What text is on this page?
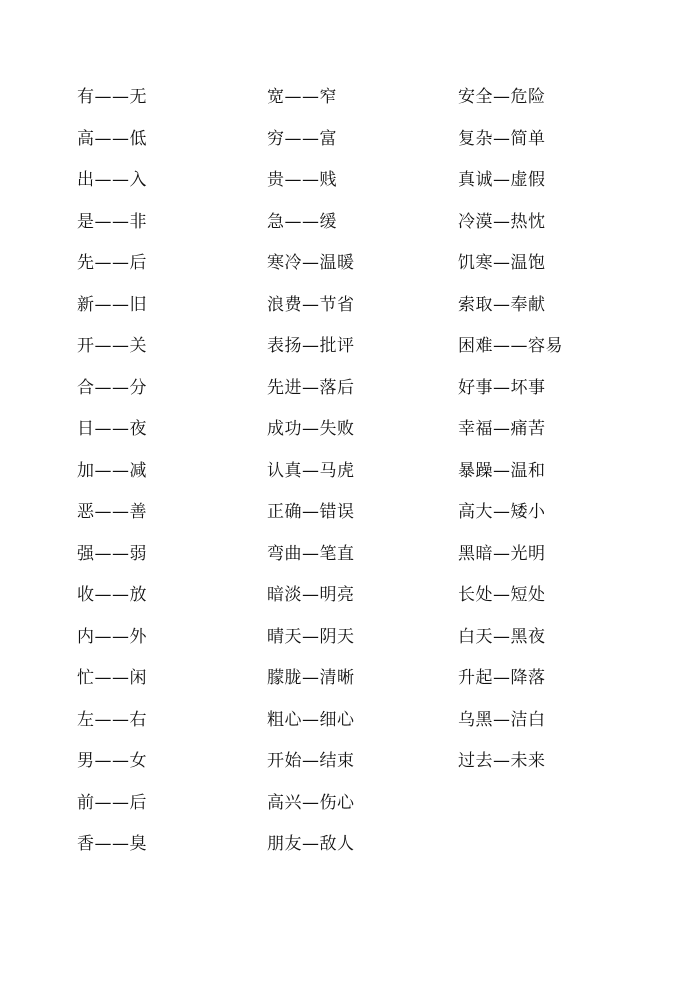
有——无
高——低
出——入
是——非
先——后
新——旧
开——关
合——分
日——夜
加——减
恶——善
强——弱
收——放
内——外
忙——闲
左——右
男——女
前——后
香——臭
宽——窄
穷——富
贵——贱
急——缓
寒冷—温暖
浪费—节省
表扬—批评
先进—落后
成功—失败
认真—马虎
正确—错误
弯曲—笔直
暗淡—明亮
晴天—阴天
朦胧—清晰
粗心—细心
开始—结束
高兴—伤心
朋友—敌人
安全—危险
复杂—简单
真诚—虚假
冷漠—热忱
饥寒—温饱
索取—奉献
困难——容易
好事—坏事
幸福—痛苦
暴躁—温和
高大—矮小
黑暗—光明
长处—短处
白天—黑夜
升起—降落
乌黑—洁白
过去—未来
